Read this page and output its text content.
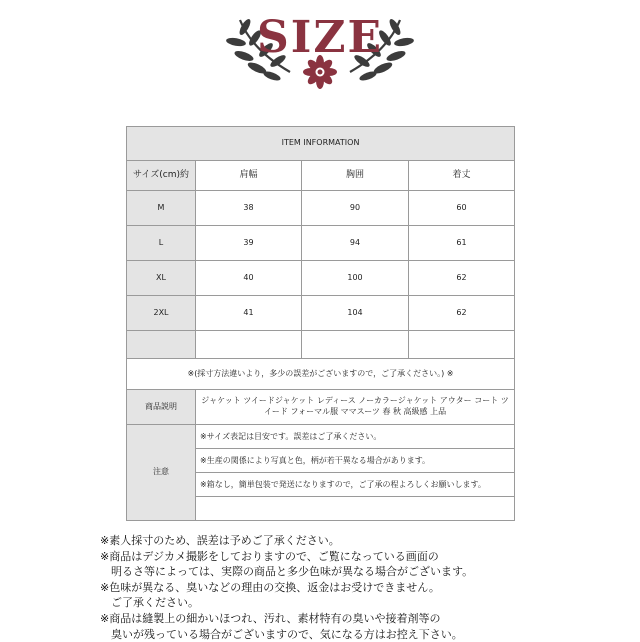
SIZE
ITEM INFORMATION			
サイズ(cm)約	肩幅	胸囲	着丈
M	38	90	60
L	39	94	61
XL	40	100	62
2XL	41	104	62

※(採寸方法違いより，多少の誤差がございますので，ご了承ください。) ※			
商品説明	ジャケット ツイードジャケット レディース ノーカラージャケット アウター コート ツイード フォーマル服 ママスーツ 春 秋 高級感 上品		
注意	※サイズ表記は目安です。誤差はご了承ください。
※生産の関係により写真と色，柄が若干異なる場合があります。
※箱なし，簡単包装で発送になりますので，ご了承の程よろしくお願いします。		
※素人採寸のため、誤差は予めご了承ください。
※商品はデジカメ撮影をしておりますので、ご覧になっている画面の
明るさ等によっては、実際の商品と多少色味が異なる場合がございます。
※色味が異なる、臭いなどの理由の交換、返金はお受けできません。
ご了承ください。
※商品は縫製上の細かいほつれ、汚れ、素材特有の臭いや接着剤等の
臭いが残っている場合がございますので、気になる方はお控え下さい。
